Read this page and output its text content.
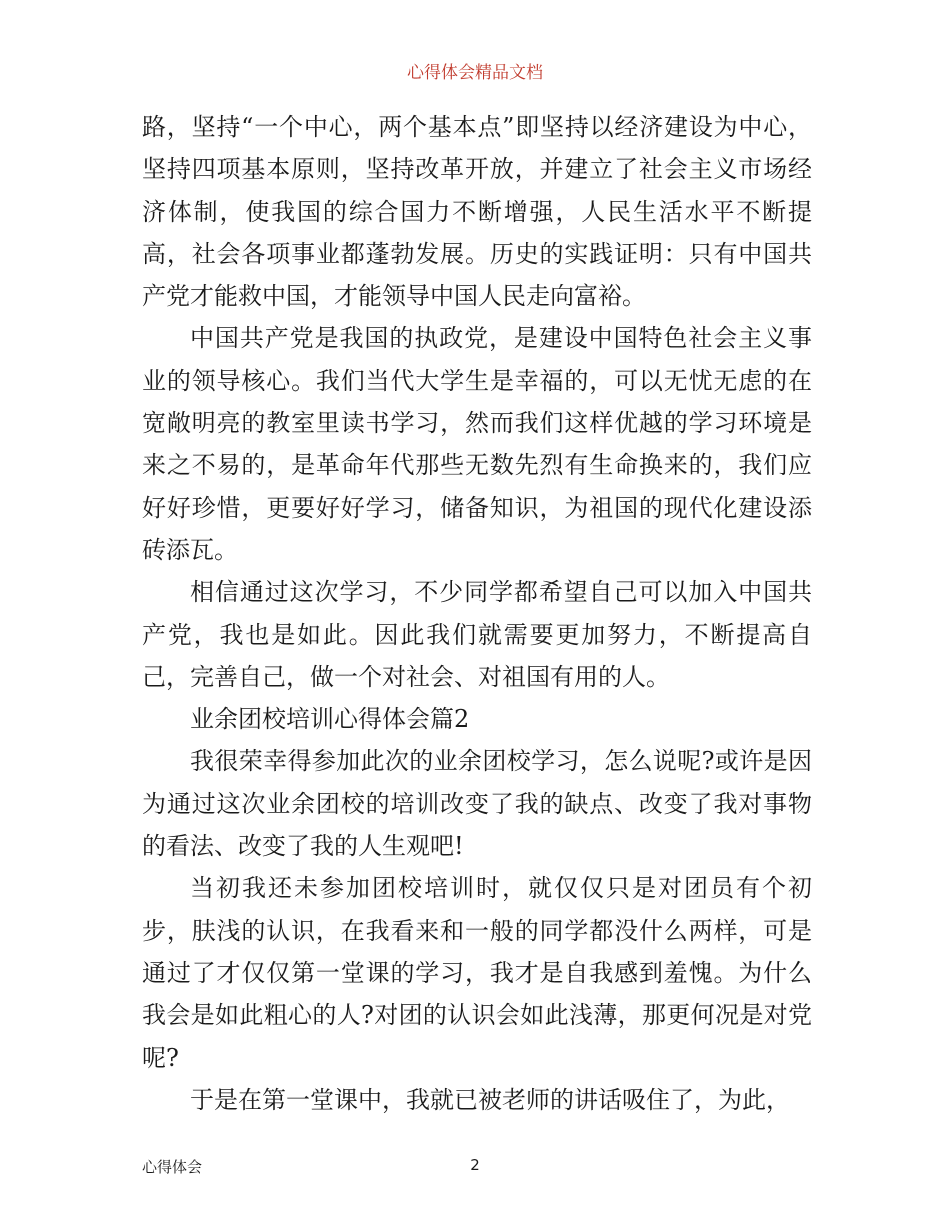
心得体会精品文档

路，坚持“一个中心，两个基本点”即坚持以经济建设为中心，坚持四项基本原则，坚持改革开放，并建立了社会主义市场经济体制，使我国的综合国力不断增强，人民生活水平不断提高，社会各项事业都蓬勃发展。历史的实践证明：只有中国共产党才能救中国，才能领导中国人民走向富裕。

中国共产党是我国的执政党，是建设中国特色社会主义事业的领导核心。我们当代大学生是幸福的，可以无忧无虑的在宽敞明亮的教室里读书学习，然而我们这样优越的学习环境是来之不易的，是革命年代那些无数先烈有生命换来的，我们应好好珍惜，更要好好学习，储备知识，为祖国的现代化建设添砖添瓦。

相信通过这次学习，不少同学都希望自己可以加入中国共产党，我也是如此。因此我们就需要更加努力，不断提高自己，完善自己，做一个对社会、对祖国有用的人。

业余团校培训心得体会篇2

我很荣幸得参加此次的业余团校学习，怎么说呢?或许是因为通过这次业余团校的培训改变了我的缺点、改变了我对事物的看法、改变了我的人生观吧!

当初我还未参加团校培训时，就仅仅只是对团员有个初步，肤浅的认识，在我看来和一般的同学都没什么两样，可是通过了才仅仅第一堂课的学习，我才是自我感到羞愧。为什么我会是如此粗心的人?对团的认识会如此浅薄，那更何况是对党呢?

于是在第一堂课中，我就已被老师的讲话吸住了，为此，

心得体会	2
